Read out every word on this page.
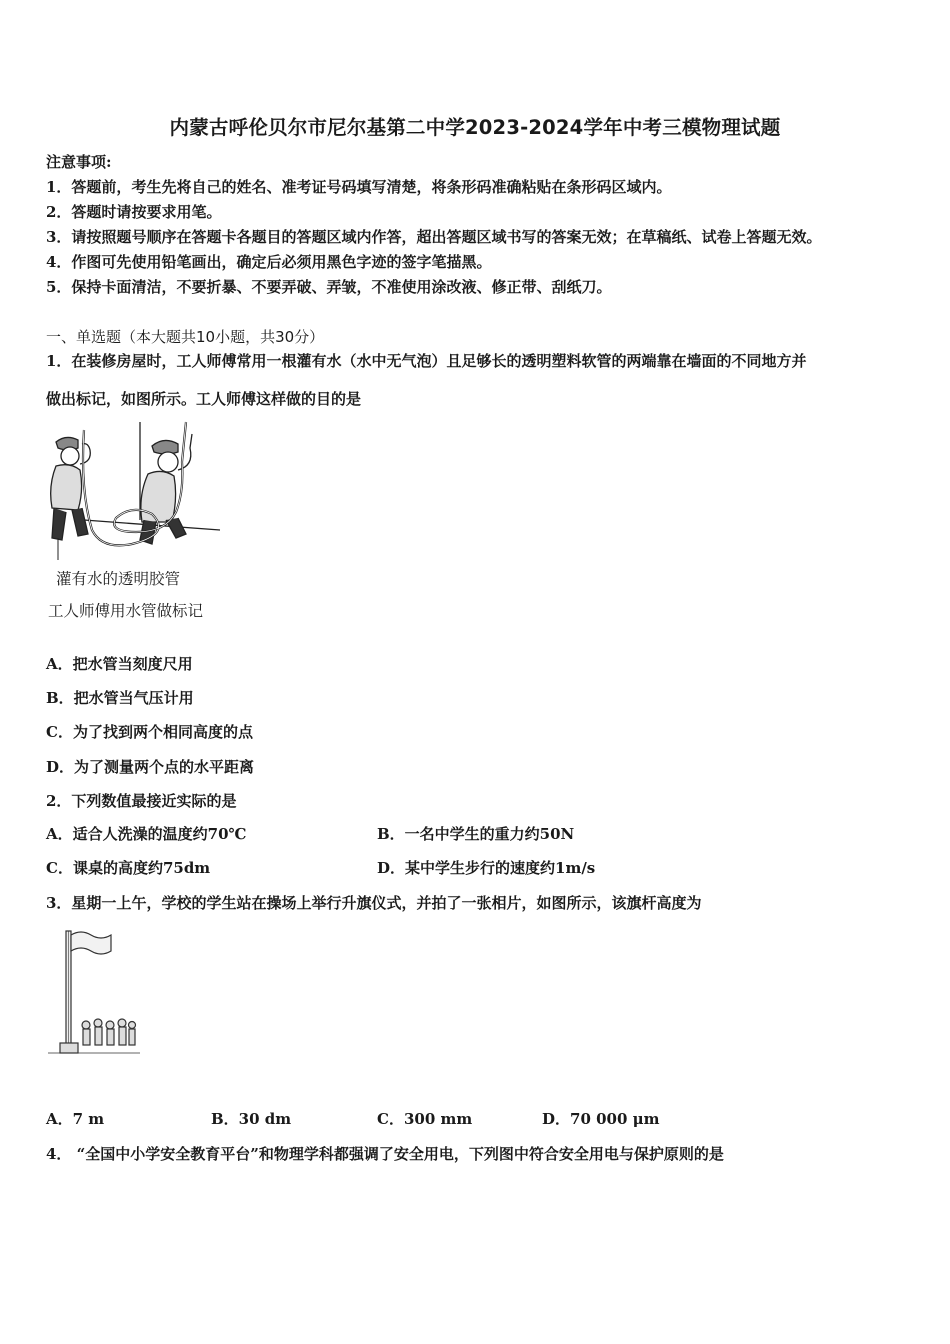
内蒙古呼伦贝尔市尼尔基第二中学2023-2024学年中考三模物理试题
注意事项:
1．答题前，考生先将自己的姓名、准考证号码填写清楚，将条形码准确粘贴在条形码区域内。
2．答题时请按要求用笔。
3．请按照题号顺序在答题卡各题目的答题区域内作答，超出答题区域书写的答案无效；在草稿纸、试卷上答题无效。
4．作图可先使用铅笔画出，确定后必须用黑色字迹的签字笔描黑。
5．保持卡面清洁，不要折暴、不要弄破、弄皱，不准使用涂改液、修正带、刮纸刀。
一、单选题（本大题共10小题，共30分）
1．在装修房屋时，工人师傅常用一根灌有水（水中无气泡）且足够长的透明塑料软管的两端靠在墙面的不同地方并
做出标记，如图所示。工人师傅这样做的目的是
灌有水的透明胶管
工人师傅用水管做标记
A．把水管当刻度尺用
B．把水管当气压计用
C．为了找到两个相同高度的点
D．为了测量两个点的水平距离
2．下列数值最接近实际的是
A．适合人洗澡的温度约70℃	B．一名中学生的重力约50N
C．课桌的高度约75dm	D．某中学生步行的速度约1m/s
3．星期一上午，学校的学生站在操场上举行升旗仪式，并拍了一张相片，如图所示，该旗杆高度为
A．7 m	B．30 dm	C．300 mm	D．70 000 μm
4． “全国中小学安全教育平台”和物理学科都强调了安全用电，下列图中符合安全用电与保护原则的是
